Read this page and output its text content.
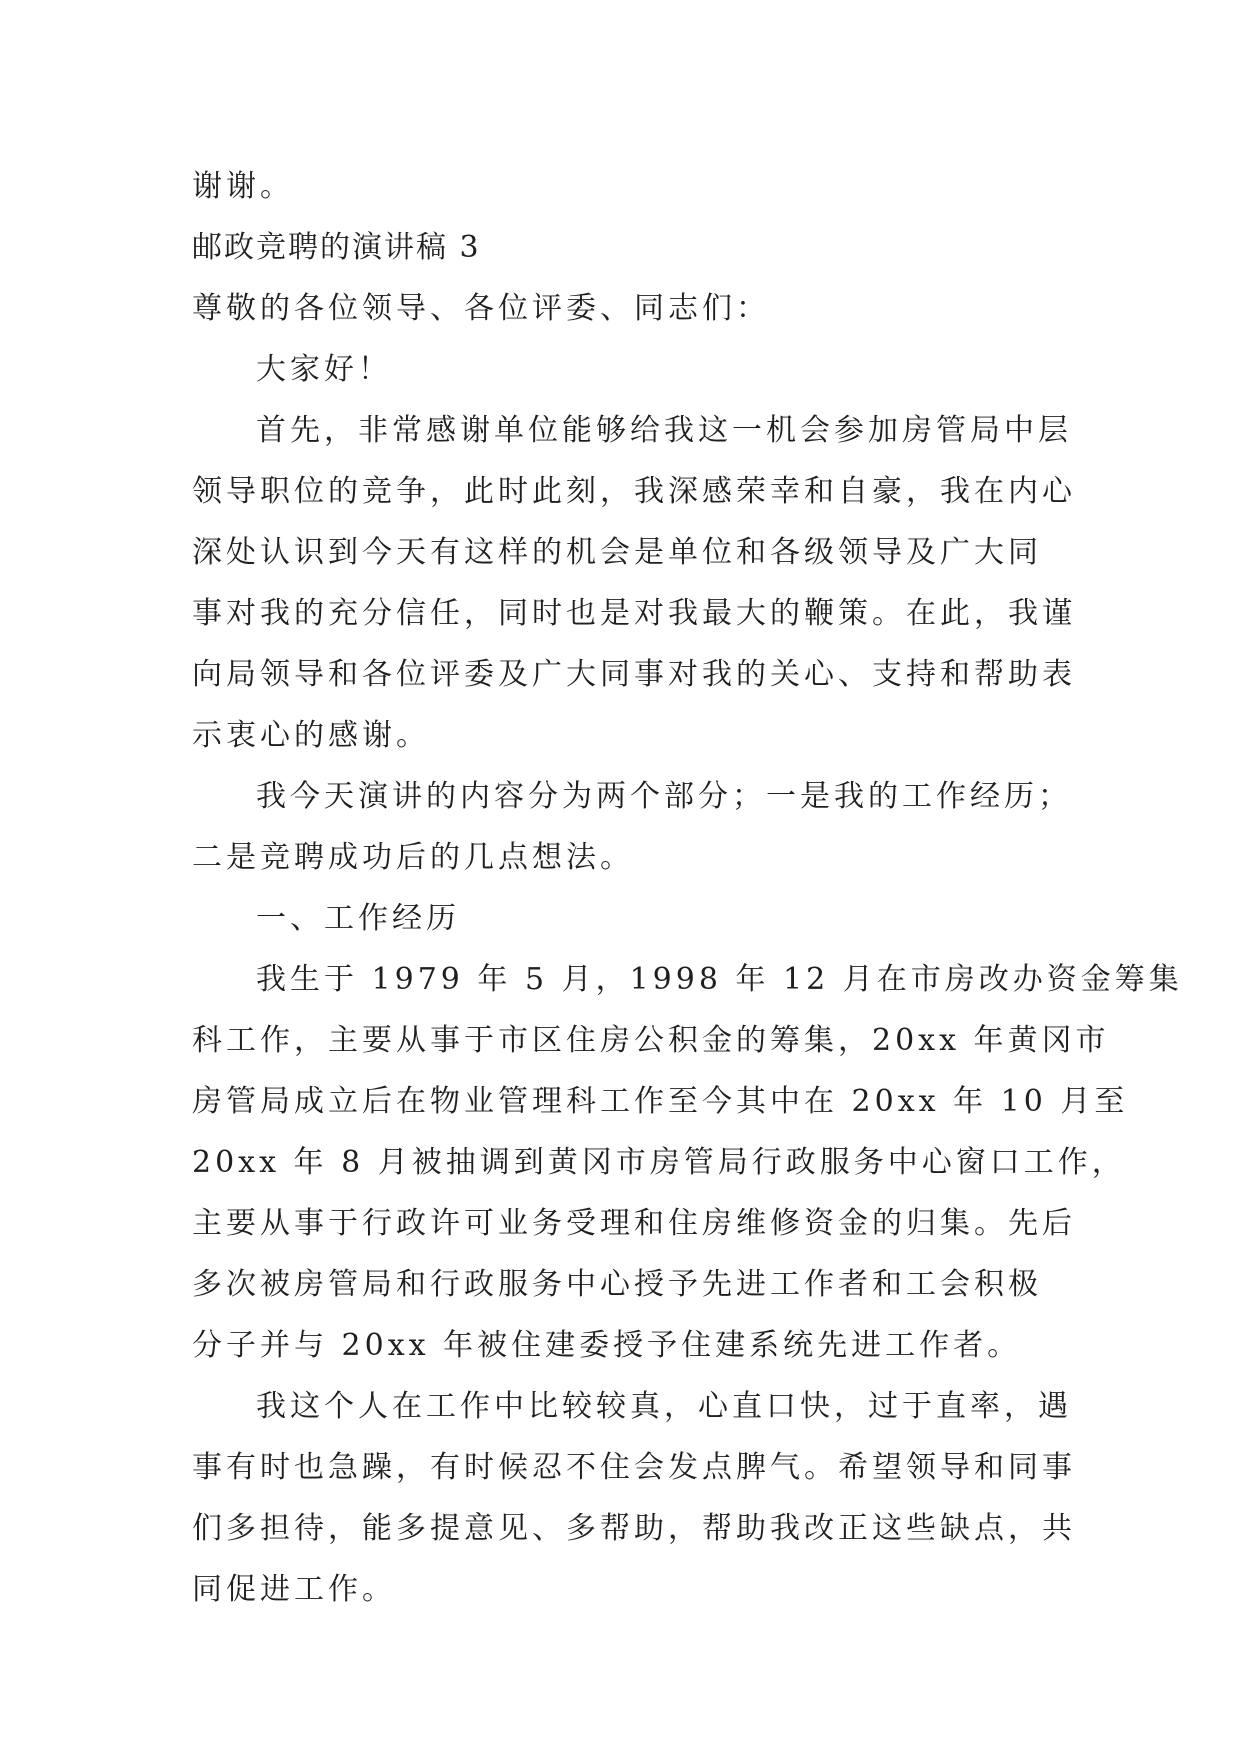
谢谢。
邮政竞聘的演讲稿 3
尊敬的各位领导、各位评委、同志们：
大家好！
首先，非常感谢单位能够给我这一机会参加房管局中层
领导职位的竞争，此时此刻，我深感荣幸和自豪，我在内心
深处认识到今天有这样的机会是单位和各级领导及广大同
事对我的充分信任，同时也是对我最大的鞭策。在此，我谨
向局领导和各位评委及广大同事对我的关心、支持和帮助表
示衷心的感谢。
我今天演讲的内容分为两个部分；一是我的工作经历；
二是竞聘成功后的几点想法。
一、工作经历
我生于 1979 年 5 月，1998 年 12 月在市房改办资金筹集
科工作，主要从事于市区住房公积金的筹集，20xx 年黄冈市
房管局成立后在物业管理科工作至今其中在 20xx 年 10 月至
20xx 年 8 月被抽调到黄冈市房管局行政服务中心窗口工作，
主要从事于行政许可业务受理和住房维修资金的归集。先后
多次被房管局和行政服务中心授予先进工作者和工会积极
分子并与 20xx 年被住建委授予住建系统先进工作者。
我这个人在工作中比较较真，心直口快，过于直率，遇
事有时也急躁，有时候忍不住会发点脾气。希望领导和同事
们多担待，能多提意见、多帮助，帮助我改正这些缺点，共
同促进工作。
